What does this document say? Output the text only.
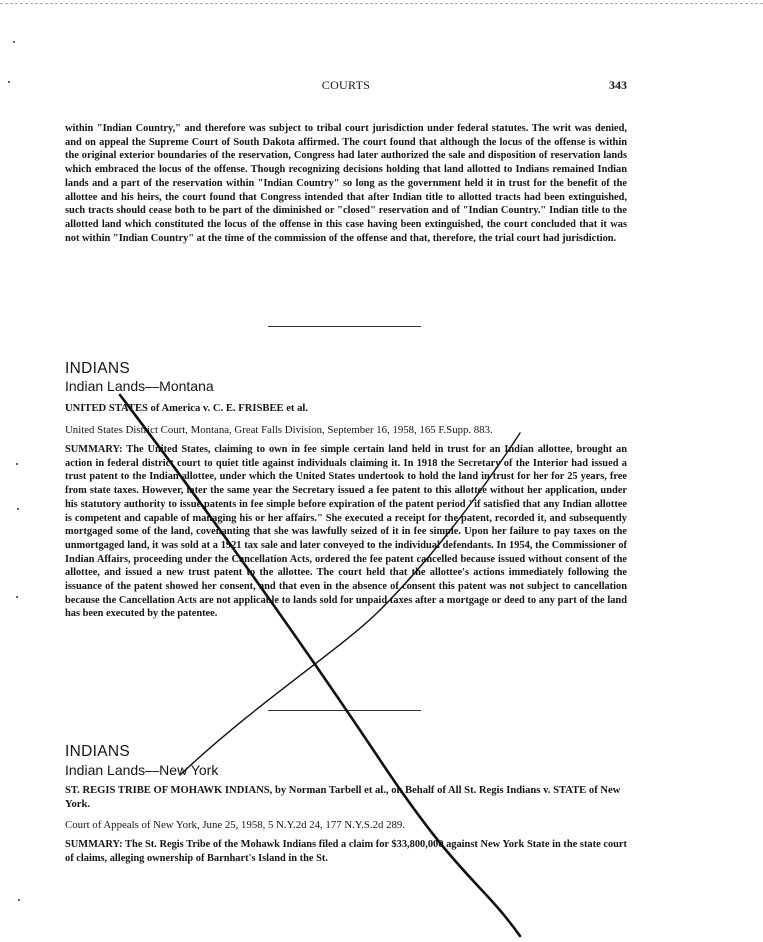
COURTS	343

within "Indian Country," and therefore was subject to tribal court jurisdiction under federal statutes. The writ was denied, and on appeal the Supreme Court of South Dakota affirmed. The court found that although the locus of the offense is within the original exterior boundaries of the reservation, Congress had later authorized the sale and disposition of reservation lands which embraced the locus of the offense. Though recognizing decisions holding that land allotted to Indians remained Indian lands and a part of the reservation within "Indian Country" so long as the government held it in trust for the benefit of the allottee and his heirs, the court found that Congress intended that after Indian title to allotted tracts had been extinguished, such tracts should cease both to be part of the diminished or "closed" reservation and of "Indian Country." Indian title to the allotted land which constituted the locus of the offense in this case having been extinguished, the court concluded that it was not within "Indian Country" at the time of the commission of the offense and that, therefore, the trial court had jurisdiction.

INDIANS
Indian Lands—Montana

UNITED STATES of America v. C. E. FRISBEE et al.

United States District Court, Montana, Great Falls Division, September 16, 1958, 165 F.Supp. 883.

SUMMARY: The United States, claiming to own in fee simple certain land held in trust for an Indian allottee, brought an action in federal district court to quiet title against individuals claiming it. In 1918 the Secretary of the Interior had issued a trust patent to the Indian allottee, under which the United States undertook to hold the land in trust for her for 25 years, free from state taxes. However, later the same year the Secretary issued a fee patent to this allottee without her application, under his statutory authority to issue patents in fee simple before expiration of the patent period "if satisfied that any Indian allottee is competent and capable of managing his or her affairs." She executed a receipt for the patent, recorded it, and subsequently mortgaged some of the land, covenanting that she was lawfully seized of it in fee simple. Upon her failure to pay taxes on the unmortgaged land, it was sold at a 1921 tax sale and later conveyed to the individual defendants. In 1954, the Commissioner of Indian Affairs, proceeding under the Cancellation Acts, ordered the fee patent cancelled because issued without consent of the allottee, and issued a new trust patent to the allottee. The court held that the allottee's actions immediately following the issuance of the patent showed her consent, and that even in the absence of consent this patent was not subject to cancellation because the Cancellation Acts are not applicable to lands sold for unpaid taxes after a mortgage or deed to any part of the land has been executed by the patentee.

INDIANS
Indian Lands—New York

ST. REGIS TRIBE OF MOHAWK INDIANS, by Norman Tarbell et al., on Behalf of All St. Regis Indians v. STATE of New York.

Court of Appeals of New York, June 25, 1958, 5 N.Y.2d 24, 177 N.Y.S.2d 289.

SUMMARY: The St. Regis Tribe of the Mohawk Indians filed a claim for $33,800,000 against New York State in the state court of claims, alleging ownership of Barnhart's Island in the St.
